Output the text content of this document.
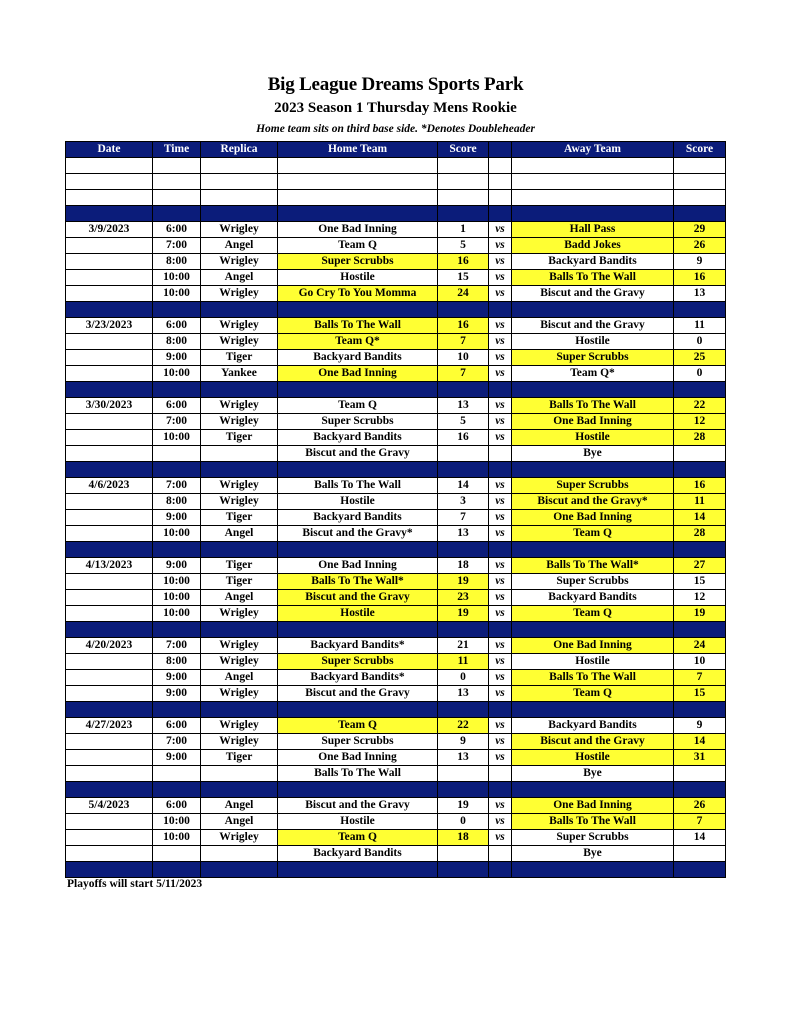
Big League Dreams Sports Park
2023 Season 1 Thursday Mens Rookie
Home team sits on third base side. *Denotes Doubleheader
Date	Time	Replica	Home Team	Score		Away Team	Score

3/9/2023	6:00	Wrigley	One Bad Inning	1	vs	Hall Pass	29
	7:00	Angel	Team Q	5	vs	Badd Jokes	26
	8:00	Wrigley	Super Scrubbs	16	vs	Backyard Bandits	9
	10:00	Angel	Hostile	15	vs	Balls To The Wall	16
	10:00	Wrigley	Go Cry To You Momma	24	vs	Biscut and the Gravy	13

3/23/2023	6:00	Wrigley	Balls To The Wall	16	vs	Biscut and the Gravy	11
	8:00	Wrigley	Team Q*	7	vs	Hostile	0
	9:00	Tiger	Backyard Bandits	10	vs	Super Scrubbs	25
	10:00	Yankee	One Bad Inning	7	vs	Team Q*	0

3/30/2023	6:00	Wrigley	Team Q	13	vs	Balls To The Wall	22
	7:00	Wrigley	Super Scrubbs	5	vs	One Bad Inning	12
	10:00	Tiger	Backyard Bandits	16	vs	Hostile	28
			Biscut and the Gravy			Bye	

4/6/2023	7:00	Wrigley	Balls To The Wall	14	vs	Super Scrubbs	16
	8:00	Wrigley	Hostile	3	vs	Biscut and the Gravy*	11
	9:00	Tiger	Backyard Bandits	7	vs	One Bad Inning	14
	10:00	Angel	Biscut and the Gravy*	13	vs	Team Q	28

4/13/2023	9:00	Tiger	One Bad Inning	18	vs	Balls To The Wall*	27
	10:00	Tiger	Balls To The Wall*	19	vs	Super Scrubbs	15
	10:00	Angel	Biscut and the Gravy	23	vs	Backyard Bandits	12
	10:00	Wrigley	Hostile	19	vs	Team Q	19

4/20/2023	7:00	Wrigley	Backyard Bandits*	21	vs	One Bad Inning	24
	8:00	Wrigley	Super Scrubbs	11	vs	Hostile	10
	9:00	Angel	Backyard Bandits*	0	vs	Balls To The Wall	7
	9:00	Wrigley	Biscut and the Gravy	13	vs	Team Q	15

4/27/2023	6:00	Wrigley	Team Q	22	vs	Backyard Bandits	9
	7:00	Wrigley	Super Scrubbs	9	vs	Biscut and the Gravy	14
	9:00	Tiger	One Bad Inning	13	vs	Hostile	31
			Balls To The Wall			Bye	

5/4/2023	6:00	Angel	Biscut and the Gravy	19	vs	One Bad Inning	26
	10:00	Angel	Hostile	0	vs	Balls To The Wall	7
	10:00	Wrigley	Team Q	18	vs	Super Scrubbs	14
			Backyard Bandits			Bye	

Playoffs will start 5/11/2023
